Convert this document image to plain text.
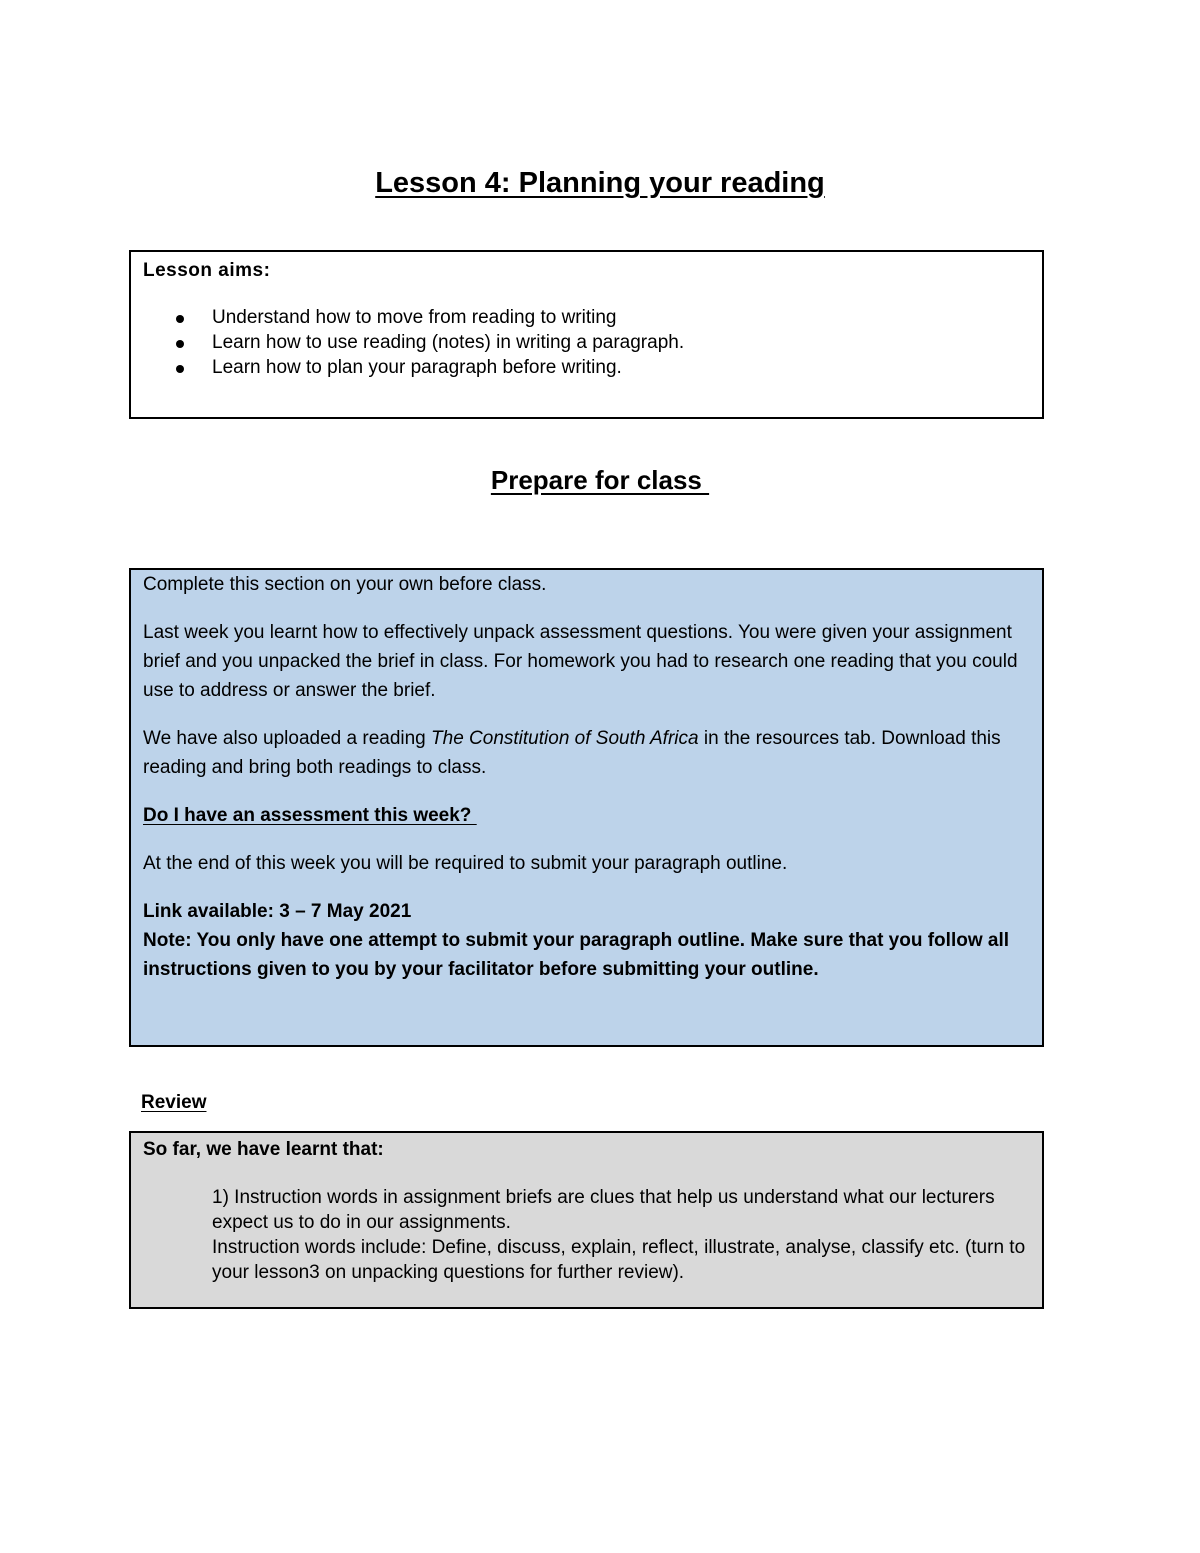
Lesson 4: Planning your reading
Lesson aims:
Understand how to move from reading to writing
Learn how to use reading (notes) in writing a paragraph.
Learn how to plan your paragraph before writing.
Prepare for class

Complete this section on your own before class.

Last week you learnt how to effectively unpack assessment questions. You were given your assignment brief and you unpacked the brief in class. For homework you had to research one reading that you could use to address or answer the brief.

We have also uploaded a reading The Constitution of South Africa in the resources tab. Download this reading and bring both readings to class.

Do I have an assessment this week?

At the end of this week you will be required to submit your paragraph outline.

Link available: 3 – 7 May 2021

Note: You only have one attempt to submit your paragraph outline. Make sure that you follow all instructions given to you by your facilitator before submitting your outline.

Review
So far, we have learnt that:
1) Instruction words in assignment briefs are clues that help us understand what our lecturers expect us to do in our assignments.
Instruction words include: Define, discuss, explain, reflect, illustrate, analyse, classify etc. (turn to your lesson3 on unpacking questions for further review).
